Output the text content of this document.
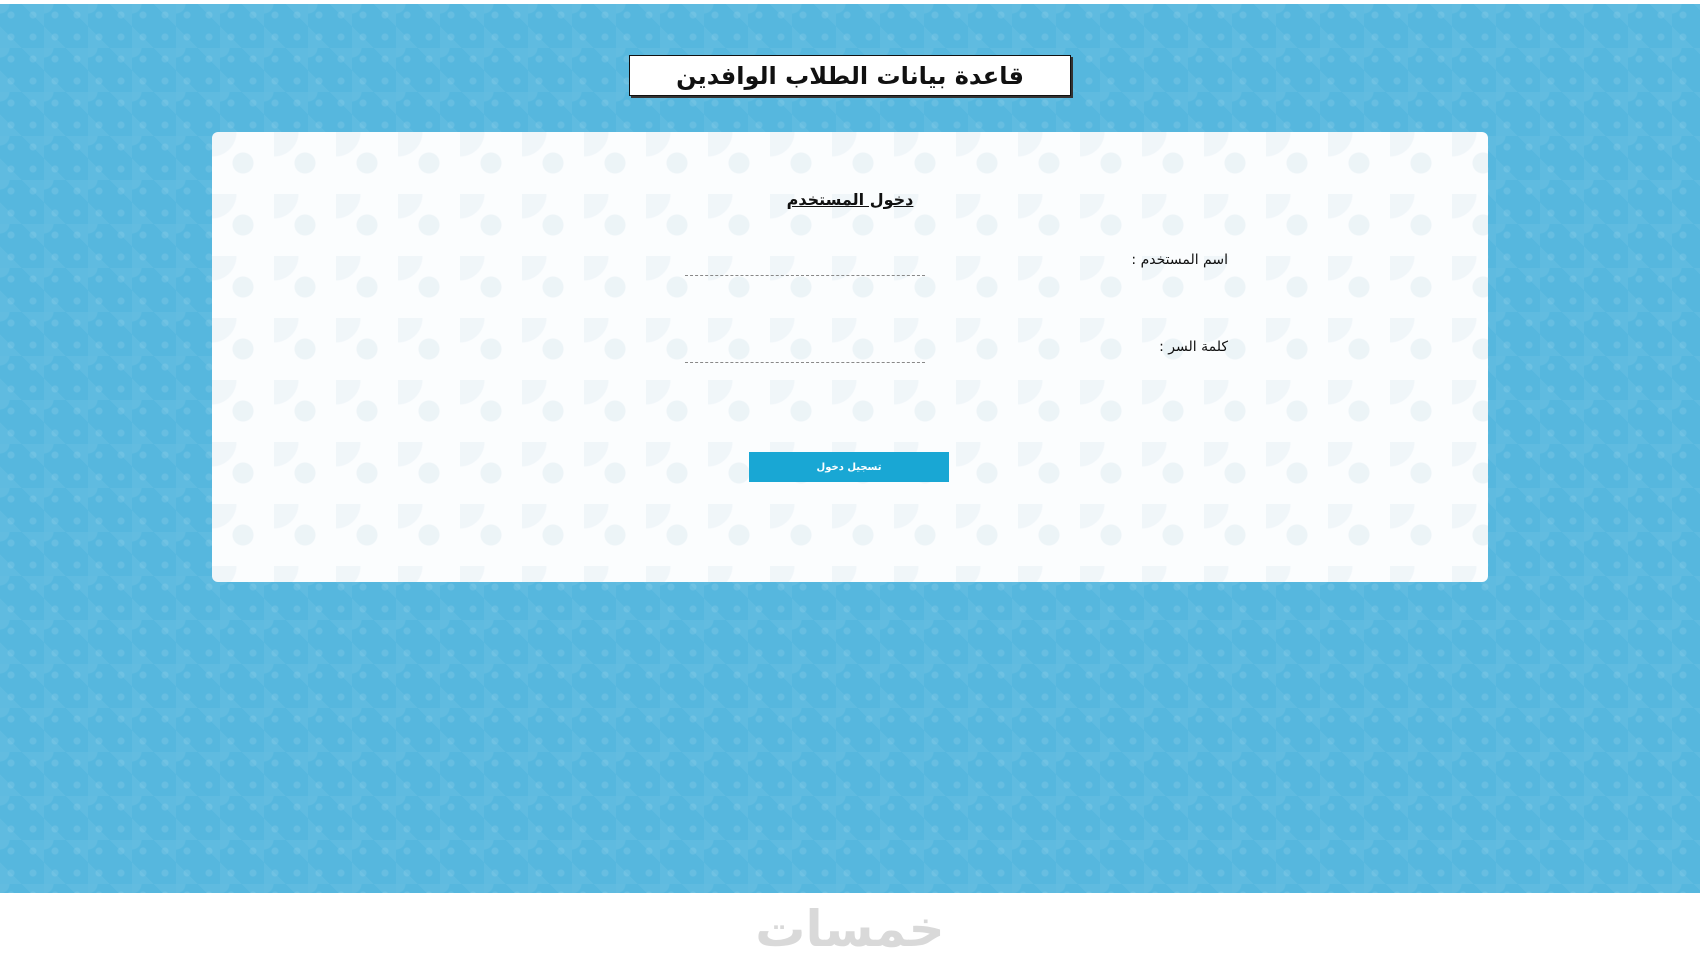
قاعدة بيانات الطلاب الوافدين
دخول المستخدم
اسم المستخدم :
كلمة السر :
تسجيل دخول
خمسات
